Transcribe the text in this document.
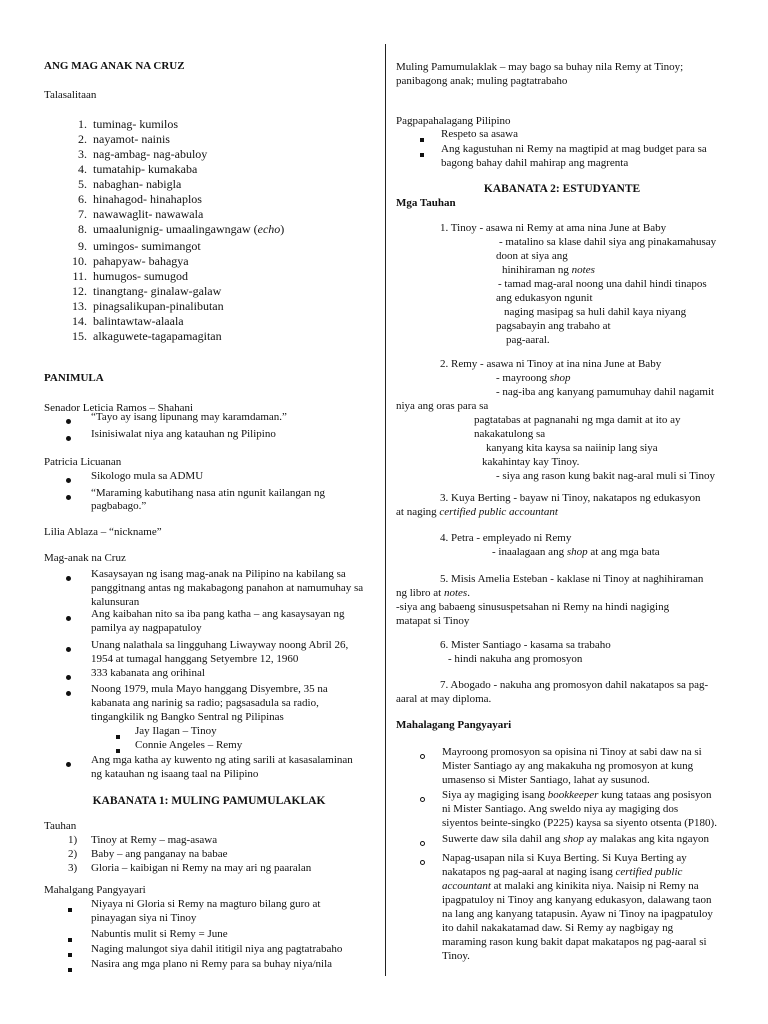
ANG MAG ANAK NA CRUZ
Talasalitaan
1. tuminag- kumilos
2. nayamot- nainis
3. nag-ambag- nag-abuloy
4. tumatahip- kumakaba
5. nabaghan- nabigla
6. hinahagod- hinahaplos
7. nawawaglit- nawawala
8. umaalunignig- umaalingawngaw (echo)
9. umingos- sumimangot
10. pahapyaw- bahagya
11. humugos- sumugod
12. tinangtang- ginalaw-galaw
13. pinagsalikupan-pinalibutan
14. balintawtaw-alaala
15. alkaguwete-tagapamagitan
PANIMULA
Senador Leticia Ramos – Shahani
“Tayo ay isang lipunang may karamdaman.”
Isinisiwalat niya ang katauhan ng Pilipino
Patricia Licuanan
Sikologo mula sa ADMU
“Maraming kabutihang nasa atin ngunit kailangan ng
pagbabago.”
Lilia Ablaza – “nickname”
Mag-anak na Cruz
Kasaysayan ng isang mag-anak na Pilipino na kabilang sa
panggitnang antas ng makabagong panahon at namumuhay sa
kalunsuran
Ang kaibahan nito sa iba pang katha – ang kasaysayan ng
pamilya ay nagpapatuloy
Unang nalathala sa lingguhang Liwayway noong Abril 26,
1954 at tumagal hanggang Setyembre 12, 1960
333 kabanata ang orihinal
Noong 1979, mula Mayo hanggang Disyembre, 35 na
kabanata ang narinig sa radio; pagsasadula sa radio,
tingangkilik ng Bangko Sentral ng Pilipinas
Jay Ilagan – Tinoy
Connie Angeles – Remy
Ang mga katha ay kuwento ng ating sarili at kasasalaminan
ng katauhan ng isaang taal na Pilipino
KABANATA 1: MULING PAMUMULAKLAK
Tauhan
1) Tinoy at Remy – mag-asawa
2) Baby – ang panganay na babae
3) Gloria – kaibigan ni Remy na may ari ng paaralan
Mahalgang Pangyayari
Niyaya ni Gloria si Remy na magturo bilang guro at
pinayagan siya ni Tinoy
Nabuntis mulit si Remy = June
Naging malungot siya dahil ititigil niya ang pagtatrabaho
Nasira ang mga plano ni Remy para sa buhay niya/nila
Muling Pamumulaklak – may bago sa buhay nila Remy at Tinoy;
panibagong anak; muling pagtatrabaho
Pagpapahalagang Pilipino
Respeto sa asawa
Ang kagustuhan ni Remy na magtipid at mag budget para sa
bagong bahay dahil mahirap ang magrenta
KABANATA 2: ESTUDYANTE
Mga Tauhan
1. Tinoy - asawa ni Remy at ama nina June at Baby
- matalino sa klase dahil siya ang pinakamahusay
doon at siya ang
hinihiraman ng notes
- tamad mag-aral noong una dahil hindi tinapos
ang edukasyon ngunit
naging masipag sa huli dahil kaya niyang
pagsabayin ang trabaho at
pag-aaral.
2. Remy - asawa ni Tinoy at ina nina June at Baby
- mayroong shop
- nag-iba ang kanyang pamumuhay dahil nagamit
niya ang oras para sa
pagtatabas at pagnanahi ng mga damit at ito ay
nakakatulong sa
kanyang kita kaysa sa naiinip lang siya
kakahintay kay Tinoy.
- siya ang rason kung bakit nag-aral muli si Tinoy
3. Kuya Berting - bayaw ni Tinoy, nakatapos ng edukasyon
at naging certified public accountant
4. Petra - empleyado ni Remy
- inaalagaan ang shop at ang mga bata
5. Misis Amelia Esteban - kaklase ni Tinoy at naghihiraman
ng libro at notes.
-siya ang babaeng sinususpetsahan ni Remy na hindi nagiging
matapat si Tinoy
6. Mister Santiago - kasama sa trabaho
- hindi nakuha ang promosyon
7. Abogado - nakuha ang promosyon dahil nakatapos sa pag-
aaral at may diploma.
Mahalagang Pangyayari
Mayroong promosyon sa opisina ni Tinoy at sabi daw na si
Mister Santiago ay ang makakuha ng promosyon at kung
umasenso si Mister Santiago, lahat ay susunod.
Siya ay magiging isang bookkeeper kung tataas ang posisyon
ni Mister Santiago. Ang sweldo niya ay magiging dos
siyentos beinte-singko (P225) kaysa sa siyento otsenta (P180).
Suwerte daw sila dahil ang shop ay malakas ang kita ngayon
Napag-usapan nila si Kuya Berting. Si Kuya Berting ay
nakatapos ng pag-aaral at naging isang certified public
accountant at malaki ang kinikita niya. Naisip ni Remy na
ipagpatuloy ni Tinoy ang kanyang edukasyon, dalawang taon
na lang ang kanyang tatapusin. Ayaw ni Tinoy na ipagpatuloy
ito dahil nakakatamad daw. Si Remy ay nagbigay ng
maraming rason kung bakit dapat makatapos ng pag-aaral si
Tinoy.
